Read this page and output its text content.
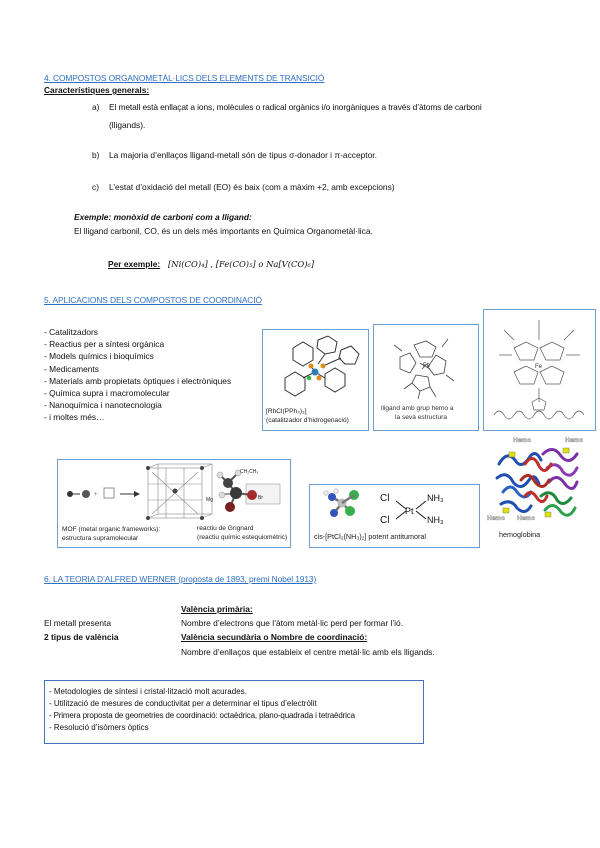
4. COMPOSTOS ORGANOMETÀL·LICS DELS ELEMENTS DE TRANSICIÓ
Característiques generals:
a) El metall està enllaçat a ions, molècules o radical orgànics i/o inorgàniques a través d’àtoms de carboni
(lligands).
b) La majoria d’enllaços lligand-metall són de tipus σ-donador i π-acceptor.
c) L’estat d’oxidació del metall (EO) és baix (com a màxim +2, amb excepcions)
Exemple: monòxid de carboni com a lligand:
El lligand carbonil, CO, és un dels més importants en Química Organometàl·lica.
Per exemple: [Ni(CO)₄] , [Fe(CO)₅] o Na[V(CO)₆]
5. APLICACIONS DELS COMPOSTOS DE COORDINACIÓ
- Catalitzadors
- Reactius per a síntesi orgànica
- Models químics i bioquímics
- Medicaments
- Materials amb propietats òptiques i electròniques
- Química supra i macromolecular
- Nanoquímica i nanotecnologia
- i moltes més…
[RhCl(PPh₃)₃]
(catalitzador d’hidrogenació)
Fe
lligand amb grup hemo a
la seva estructura
Fe
+
MOF (metal organic frameworks):
estructura supramolecular
CH₂CH₃
Mg	Br
reactiu de Grignard
(reactiu químic estequiomètric)
Cl
Cl
Pt
NH₃
NH₃
cis-[PtCl₂(NH₃)₂] potent antitumoral
Hemo	Hemo
Hemo Hemo
hemoglobina
6. LA TEORIA D’ALFRED WERNER (proposta de 1893, premi Nobel 1913)
València primària:
El metall presenta	Nombre d’electrons que l’àtom metàl·lic perd per formar l’ió.
2 tipus de valència	València secundària o Nombre de coordinació:
Nombre d’enllaços que estableix el centre metàl·lic amb els lligands.
- Metodologies de síntesi i cristal·lització molt acurades.
- Utilització de mesures de conductivitat per a determinar el tipus d’electròlit
- Primera proposta de geometries de coordinació: octaèdrica, plano-quadrada i tetraèdrica
- Resolució d’isòmers òptics
